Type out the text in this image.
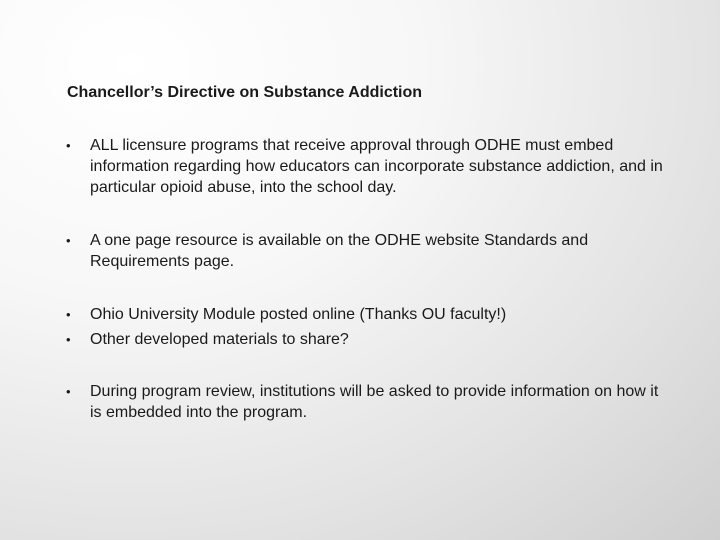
Chancellor’s Directive on Substance Addiction
•	ALL licensure programs that receive approval through ODHE must embed information regarding how educators can incorporate substance addiction, and in particular opioid abuse, into the school day.
•	A one page resource is available on the ODHE website Standards and Requirements page.
•	Ohio University Module posted online (Thanks OU faculty!)
•	Other developed materials to share?
•	During program review, institutions will be asked to provide information on how it is embedded into the program.
